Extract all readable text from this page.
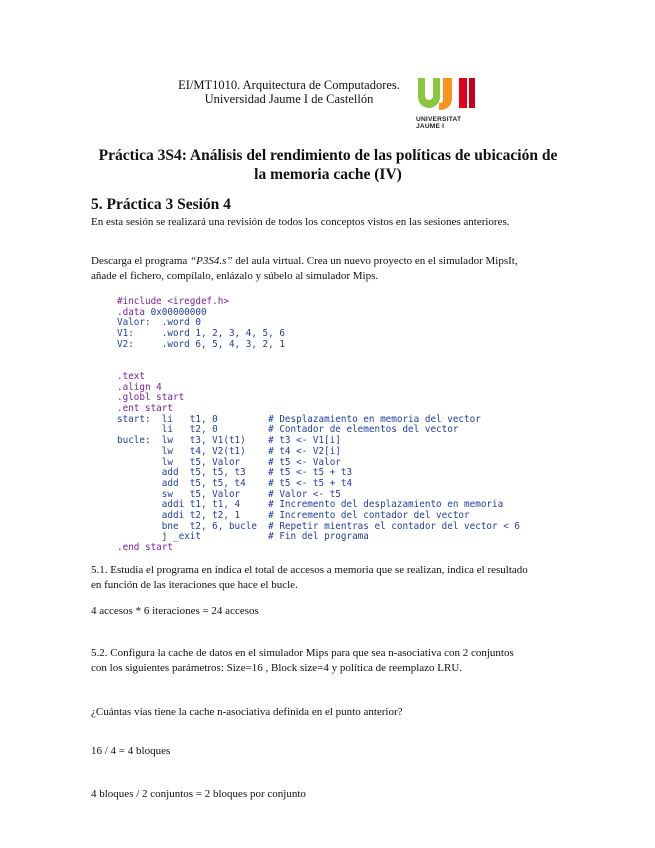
EI/MT1010. Arquitectura de Computadores.
Universidad Jaume I de Castellón
UNIVERSITAT
JAUME I
Práctica 3S4: Análisis del rendimiento de las políticas de ubicación de
la memoria cache (IV)
5. Práctica 3 Sesión 4
En esta sesión se realizará una revisión de todos los conceptos vistos en las sesiones anteriores.
Descarga el programa “P3S4.s” del aula virtual. Crea un nuevo proyecto en el simulador MipsIt,
añade el fichero, compílalo, enlázalo y súbelo al simulador Mips.
#include <iregdef.h>
.data 0x00000000
Valor:  .word 0
V1:     .word 1, 2, 3, 4, 5, 6
V2:     .word 6, 5, 4, 3, 2, 1

.text
.align 4
.globl start
.ent start
start:  li   t1, 0         # Desplazamiento en memoria del vector
li   t2, 0         # Contador de elementos del vector
bucle:  lw   t3, V1(t1)    # t3 <- V1[i]
lw   t4, V2(t1)    # t4 <- V2[i]
lw   t5, Valor     # t5 <- Valor
add  t5, t5, t3    # t5 <- t5 + t3
add  t5, t5, t4    # t5 <- t5 + t4
sw   t5, Valor     # Valor <- t5
addi t1, t1, 4     # Incremento del desplazamiento en memoria
addi t2, t2, 1     # Incremento del contador del vector
bne  t2, 6, bucle  # Repetir mientras el contador del vector < 6
j _exit            # Fin del programa
.end start
5.1. Estudia el programa en indica el total de accesos a memoria que se realizan, indica el resultado
en función de las iteraciones que hace el bucle.
4 accesos * 6 iteraciones = 24 accesos
5.2. Configura la cache de datos en el simulador Mips para que sea n-asociativa con 2 conjuntos
con los siguientes parámetros: Size=16 , Block size=4 y política de reemplazo LRU.
¿Cuántas vías tiene la cache n-asociativa definida en el punto anterior?
16 / 4 = 4 bloques
4 bloques / 2 conjuntos = 2 bloques por conjunto
